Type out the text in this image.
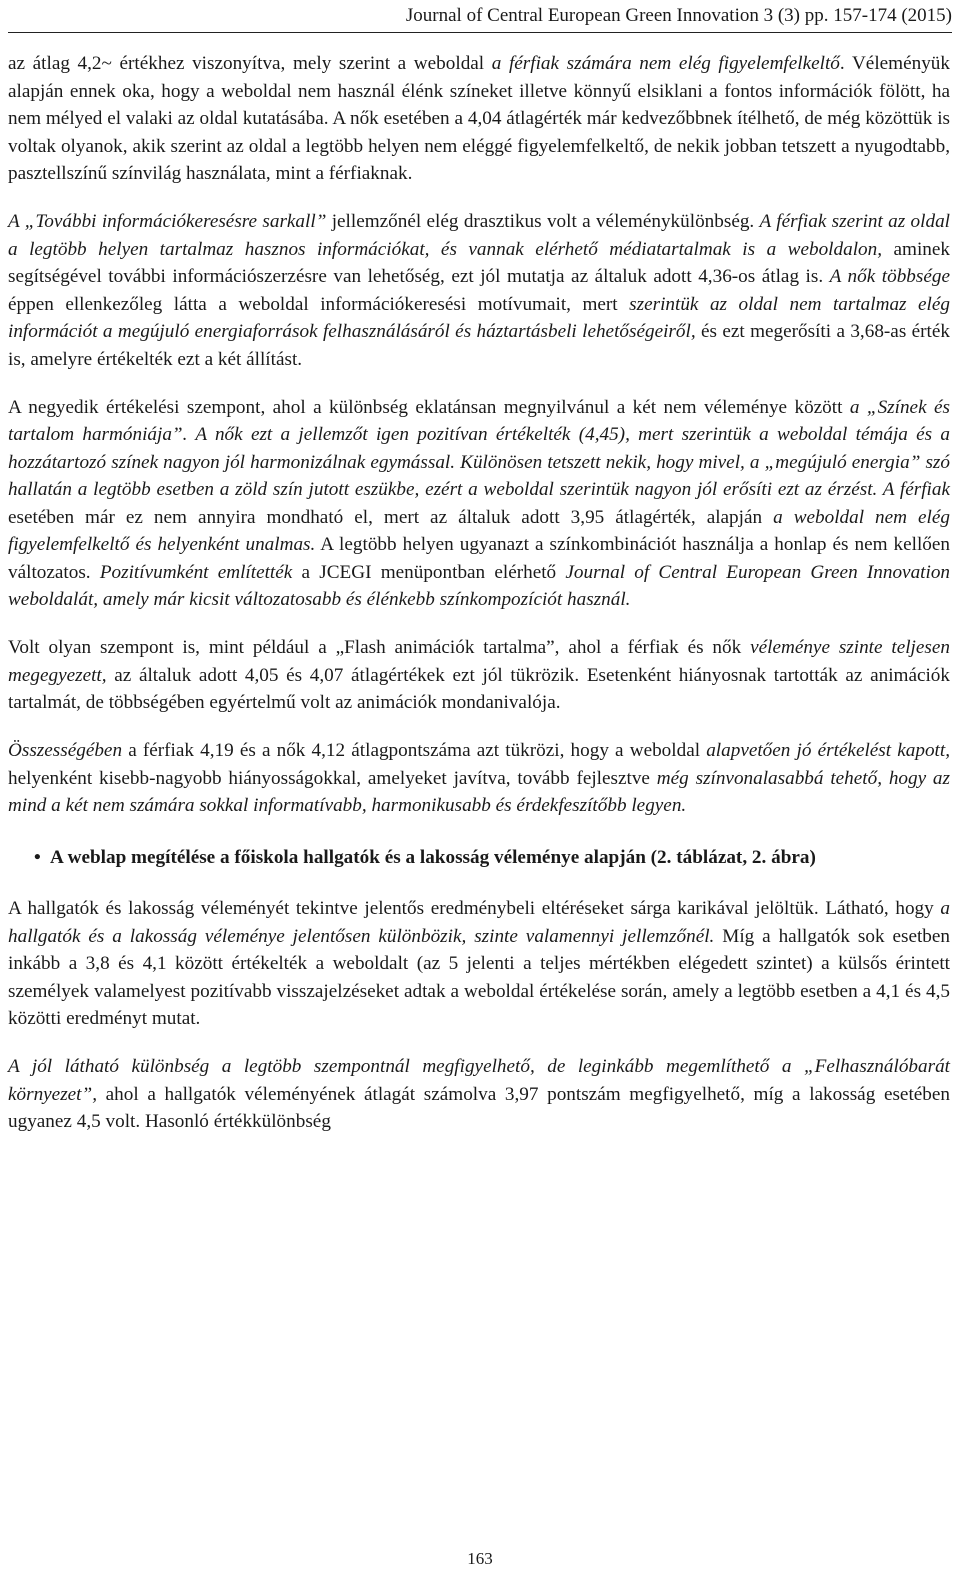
Journal of Central European Green Innovation 3 (3) pp. 157-174 (2015)

az átlag 4,2~ értékhez viszonyítva, mely szerint a weboldal a férfiak számára nem elég figyelemfelkeltő. Véleményük alapján ennek oka, hogy a weboldal nem használ élénk színeket illetve könnyű elsiklani a fontos információk fölött, ha nem mélyed el valaki az oldal kutatásába. A nők esetében a 4,04 átlagérték már kedvezőbbnek ítélhető, de még közöttük is voltak olyanok, akik szerint az oldal a legtöbb helyen nem eléggé figyelemfelkeltő, de nekik jobban tetszett a nyugodtabb, pasztellszínű színvilág használata, mint a férfiaknak.

A „További információkeresésre sarkall” jellemzőnél elég drasztikus volt a véleménykülönbség. A férfiak szerint az oldal a legtöbb helyen tartalmaz hasznos információkat, és vannak elérhető médiatartalmak is a weboldalon, aminek segítségével további információszerzésre van lehetőség, ezt jól mutatja az általuk adott 4,36-os átlag is. A nők többsége éppen ellenkezőleg látta a weboldal információkeresési motívumait, mert szerintük az oldal nem tartalmaz elég információt a megújuló energiaforrások felhasználásáról és háztartásbeli lehetőségeiről, és ezt megerősíti a 3,68-as érték is, amelyre értékelték ezt a két állítást.

A negyedik értékelési szempont, ahol a különbség eklatánsan megnyilvánul a két nem véleménye között a „Színek és tartalom harmóniája”. A nők ezt a jellemzőt igen pozitívan értékelték (4,45), mert szerintük a weboldal témája és a hozzátartozó színek nagyon jól harmonizálnak egymással. Különösen tetszett nekik, hogy mivel, a „megújuló energia” szó hallatán a legtöbb esetben a zöld szín jutott eszükbe, ezért a weboldal szerintük nagyon jól erősíti ezt az érzést. A férfiak esetében már ez nem annyira mondható el, mert az általuk adott 3,95 átlagérték, alapján a weboldal nem elég figyelemfelkeltő és helyenként unalmas. A legtöbb helyen ugyanazt a színkombinációt használja a honlap és nem kellően változatos. Pozitívumként említették a JCEGI menüpontban elérhető Journal of Central European Green Innovation weboldalát, amely már kicsit változatosabb és élénkebb színkompozíciót használ.

Volt olyan szempont is, mint például a „Flash animációk tartalma”, ahol a férfiak és nők véleménye szinte teljesen megegyezett, az általuk adott 4,05 és 4,07 átlagértékek ezt jól tükrözik. Esetenként hiányosnak tartották az animációk tartalmát, de többségében egyértelmű volt az animációk mondanivalója.

Összességében a férfiak 4,19 és a nők 4,12 átlagpontszáma azt tükrözi, hogy a weboldal alapvetően jó értékelést kapott, helyenként kisebb-nagyobb hiányosságokkal, amelyeket javítva, tovább fejlesztve még színvonalasabbá tehető, hogy az mind a két nem számára sokkal informatívabb, harmonikusabb és érdekfeszítőbb legyen.

• A weblap megítélése a főiskola hallgatók és a lakosság véleménye alapján (2. táblázat, 2. ábra)

A hallgatók és lakosság véleményét tekintve jelentős eredménybeli eltéréseket sárga karikával jelöltük. Látható, hogy a hallgatók és a lakosság véleménye jelentősen különbözik, szinte valamennyi jellemzőnél. Míg a hallgatók sok esetben inkább a 3,8 és 4,1 között értékelték a weboldalt (az 5 jelenti a teljes mértékben elégedett szintet) a külsős érintett személyek valamelyest pozitívabb visszajelzéseket adtak a weboldal értékelése során, amely a legtöbb esetben a 4,1 és 4,5 közötti eredményt mutat.

A jól látható különbség a legtöbb szempontnál megfigyelhető, de leginkább megemlíthető a „Felhasználóbarát környezet”, ahol a hallgatók véleményének átlagát számolva 3,97 pontszám megfigyelhető, míg a lakosság esetében ugyanez 4,5 volt. Hasonló értékkülönbség

163
